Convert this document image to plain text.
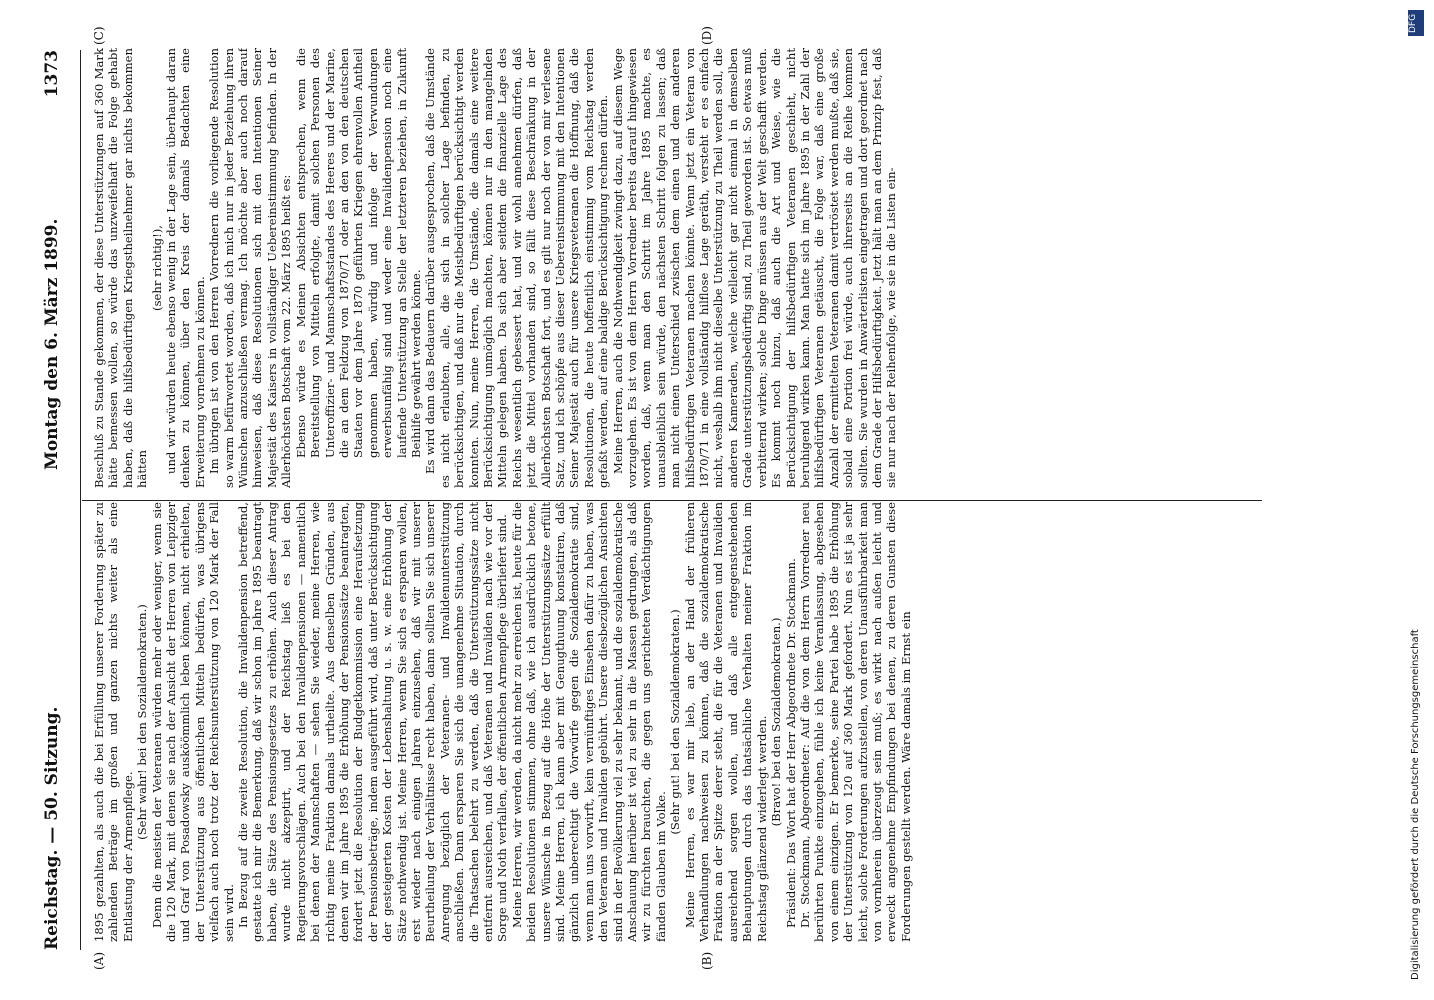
Reichstag. — 50. Sitzung.
Montag den 6. März 1899.
1373
(A)	(B)
(C)	(D)

1895 gezahlten, als auch die bei Erfüllung unserer Forderung später zu zahlenden Beträge im großen und ganzen nichts weiter als eine Entlastung der Armenpflege.

(Sehr wahr! bei den Sozialdemokraten.) Denn die meisten der Veteranen würden mehr oder weniger, wenn sie die 120 Mark, mit denen sie nach der Ansicht der Herren von Leipziger und Graf von Posadowsky ausköömmlich leben können, nicht erhielten, der Unterstützung aus öffentlichen Mitteln bedürfen, was übrigens vielfach auch noch trotz der Reichsunterstützung von 120 Mark der Fall sein wird. In Bezug auf die zweite Resolution, die Invalidenpension betreffend, gestatte ich mir die Bemerkung, daß wir schon im Jahre 1895 beantragt haben, die Sätze des Pensionsgesetzes zu erhöhen. Auch dieser Antrag wurde nicht akzeptirt, und der Reichstag ließ es bei den Regierungsvorschlägen. Auch bei den Invalidenpensionen — namentlich bei denen der Mannschaften — sehen Sie wieder, meine Herren, wie richtig meine Fraktion damals urtheilte. Aus denselben Gründen, aus denen wir im Jahre 1895 die Erhöhung der Pensionssätze beantragten, fordert jetzt die Resolution der Budgetkommission eine Heraufsetzung der Pensionsbeträge, indem ausgeführt wird, daß unter Berücksichtigung der gesteigerten Kosten der Lebenshaltung u. s. w. eine Erhöhung der Sätze nothwendig ist. Meine Herren, wenn Sie sich es ersparen wollen, erst wieder nach einigen Jahren einzusehen, daß wir mit unserer Beurtheilung der Verhältnisse recht haben, dann sollten Sie sich unserer Anregung bezüglich der Veteranen- und Invalidenunterstützung anschließen. Dann ersparen Sie sich die unangenehme Situation, durch die Thatsachen belehrt zu werden, daß die Unterstützungssätze nicht entfernt ausreichen, und daß Veteranen und Invaliden nach wie vor der Sorge und Noth verfallen, der öffentlichen Armenpflege überliefert sind. Meine Herren, wir werden, da nicht mehr zu erreichen ist, heute für die beiden Resolutionen stimmen, ohne daß, wie ich ausdrücklich betone, unsere Wünsche in Bezug auf die Höhe der Unterstützungssätze erfüllt sind. Meine Herren, ich kann aber mit Genugthuung konstatiren, daß gänzlich unberechtigt die Vorwürfe gegen die Sozialdemokratie sind, wenn man uns vorwirft, kein vernünftiges Einsehen dafür zu haben, was den Veteranen und Invaliden gebührt. Unsere diesbezüglichen Ansichten sind in der Bevölkerung viel zu sehr bekannt, und die sozialdemokratische Anschauung hierüber ist viel zu sehr in die Massen gedrungen, als daß wir zu fürchten brauchten, die gegen uns gerichteten Verdächtigungen fänden Glauben im Volke.

(Sehr gut! bei den Sozialdemokraten.) Meine Herren, es war mir lieb, an der Hand der früheren Verhandlungen nachweisen zu können, daß die sozialdemokratische Fraktion an der Spitze derer steht, die für die Veteranen und Invaliden ausreichend sorgen wollen, und daß alle entgegenstehenden Behauptungen durch das thatsächliche Verhalten meiner Fraktion im Reichstag glänzend widerlegt werden. (Bravo! bei den Sozialdemokraten.) Präsident: Das Wort hat der Herr Abgeordnete Dr. Stockmann. Dr. Stockmann, Abgeordneter: Auf die von dem Herrn Vorredner neu berührten Punkte einzugehen, fühle ich keine Veranlassung, abgesehen von einem einzigen. Er bemerkte, seine Partei habe 1895 die Erhöhung der Unterstützung von 120 auf 360 Mark gefordert. Nun es ist ja sehr leicht, solche Forderungen aufzustellen, von deren Unausführbarkeit man von vornherein überzeugt sein muß; es wirkt nach außen leicht und erweckt angenehme Empfindungen bei denen, zu deren Gunsten diese Forderungen gestellt werden. Wäre damals im Ernst ein

Beschluß zu Stande gekommen, der diese Unterstützungen auf 360 Mark hätte bemessen wollen, so würde das unzweifelhaft die Folge gehabt haben, daß die hilfsbedürftigen Kriegstheilnehmer gar nichts bekommen hätten

(sehr richtig!), und wir würden heute ebenso wenig in der Lage sein, überhaupt daran denken zu können, über den Kreis der damals Bedachten eine Erweiterung vornehmen zu können. Im übrigen ist von den Herren Vorrednern die vorliegende Resolution so warm befürwortet worden, daß ich mich nur in jeder Beziehung ihren Wünschen anzuschließen vermag. Ich möchte aber auch noch darauf hinweisen, daß diese Resolutionen sich mit den Intentionen Seiner Majestät des Kaisers in vollständiger Uebereinstimmung befinden. In der Allerhöchsten Botschaft vom 22. März 1895 heißt es: Ebenso würde es Meinen Absichten entsprechen, wenn die Bereitstellung von Mitteln erfolgte, damit solchen Personen des Unteroffizier- und Mannschaftsstandes des Heeres und der Marine, die an dem Feldzug von 1870/71 oder an den von den deutschen Staaten vor dem Jahre 1870 geführten Kriegen ehrenvollen Antheil genommen haben, würdig und infolge der Verwundungen erwerbsunfähig sind und weder eine Invalidenpension noch eine laufende Unterstützung an Stelle der letzteren beziehen, in Zukunft Beihilfe gewährt werden könne. Es wird dann das Bedauern darüber ausgesprochen, daß die Umstände es nicht erlaubten, alle, die sich in solcher Lage befinden, zu berücksichtigen, und daß nur die Meistbedürftigen berücksichtigt werden konnten. Nun, meine Herren, die Umstände, die damals eine weitere Berücksichtigung unmöglich machten, können nur in den mangelnden Mitteln gelegen haben. Da sich aber seitdem die finanzielle Lage des Reichs wesentlich gebessert hat, und wir wohl annehmen dürfen, daß jetzt die Mittel vorhanden sind, so fällt diese Beschränkung in der Allerhöchsten Botschaft fort, und es gilt nur noch der von mir verlesene Satz, und ich schöpfe aus dieser Uebereinstimmung mit den Intentionen Seiner Majestät auch für unsere Kriegsveteranen die Hoffnung, daß die Resolutionen, die heute hoffentlich einstimmig vom Reichstag werden gefaßt werden, auf eine baldige Berücksichtigung rechnen dürfen. Meine Herren, auch die Nothwendigkeit zwingt dazu, auf diesem Wege vorzugehen. Es ist von dem Herrn Vorredner bereits darauf hingewiesen worden, daß, wenn man den Schritt im Jahre 1895 machte, es unausbleiblich sein würde, den nächsten Schritt folgen zu lassen; daß man nicht einen Unterschied zwischen dem einen und dem anderen hilfsbedürftigen Veteranen machen könnte. Wenn jetzt ein Veteran von 1870/71 in eine vollständig hilflose Lage geräth, versteht er es einfach nicht, weshalb ihm nicht dieselbe Unterstützung zu Theil werden soll, die anderen Kameraden, welche vielleicht gar nicht einmal in demselben Grade unterstützungsbedürftig sind, zu Theil geworden ist. So etwas muß verbitternd wirken; solche Dinge müssen aus der Welt geschafft werden. Es kommt noch hinzu, daß auch die Art und Weise, wie die Berücksichtigung der hilfsbedürftigen Veteranen geschieht, nicht beruhigend wirken kann. Man hatte sich im Jahre 1895 in der Zahl der hilfsbedürftigen Veteranen getäuscht, die Folge war, daß eine große Anzahl der ermittelten Veteranen damit vertröstet werden mußte, daß sie, sobald eine Portion frei würde, auch ihrerseits an die Reihe kommen sollten. Sie wurden in Anwärterlisten eingetragen und dort geordnet nach dem Grade der Hilfsbedürftigkeit. Jetzt hält man an dem Prinzip fest, daß sie nur nach der Reihenfolge, wie sie in die Listen ein-

DFG
Digitalisierung gefördert durch die Deutsche Forschungsgemeinschaft
